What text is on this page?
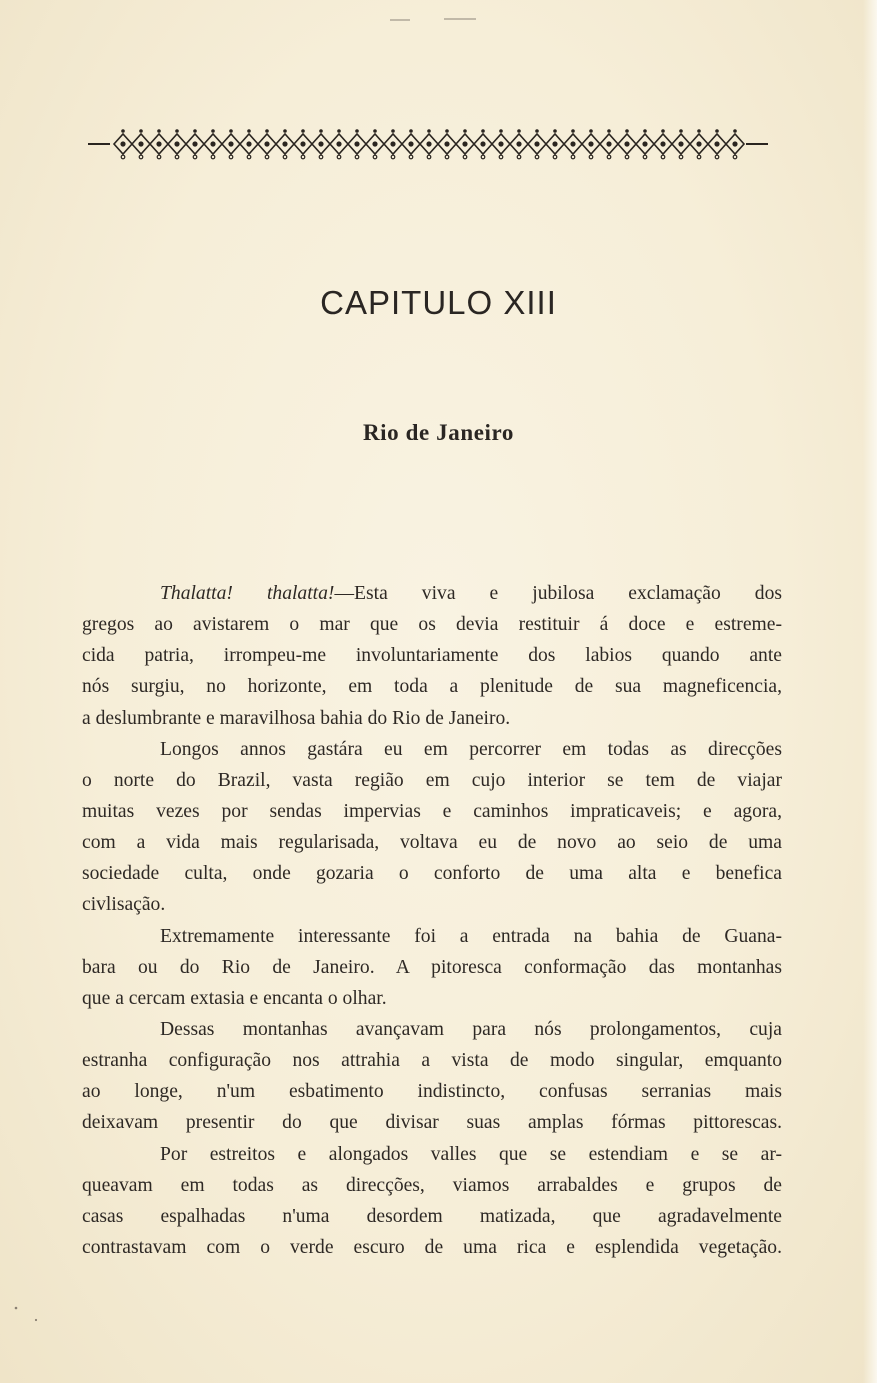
CAPITULO XIII
Rio de Janeiro
Thalatta! thalatta!—Esta viva e jubilosa exclamação dos
gregos ao avistarem o mar que os devia restituir á doce e estreme-
cida patria, irrompeu-me involuntariamente dos labios quando ante
nós surgiu, no horizonte, em toda a plenitude de sua magneficencia,
a deslumbrante e maravilhosa bahia do Rio de Janeiro.
Longos annos gastára eu em percorrer em todas as direcções
o norte do Brazil, vasta região em cujo interior se tem de viajar
muitas vezes por sendas impervias e caminhos impraticaveis; e agora,
com a vida mais regularisada, voltava eu de novo ao seio de uma
sociedade culta, onde gozaria o conforto de uma alta e benefica
civlisação.
Extremamente interessante foi a entrada na bahia de Guana-
bara ou do Rio de Janeiro. A pitoresca conformação das montanhas
que a cercam extasia e encanta o olhar.
Dessas montanhas avançavam para nós prolongamentos, cuja
estranha configuração nos attrahia a vista de modo singular, emquanto
ao longe, n'um esbatimento indistincto, confusas serranias mais
deixavam presentir do que divisar suas amplas fórmas pittorescas.
Por estreitos e alongados valles que se estendiam e se ar-
queavam em todas as direcções, viamos arrabaldes e grupos de
casas espalhadas n'uma desordem matizada, que agradavelmente
contrastavam com o verde escuro de uma rica e esplendida vegetação.
